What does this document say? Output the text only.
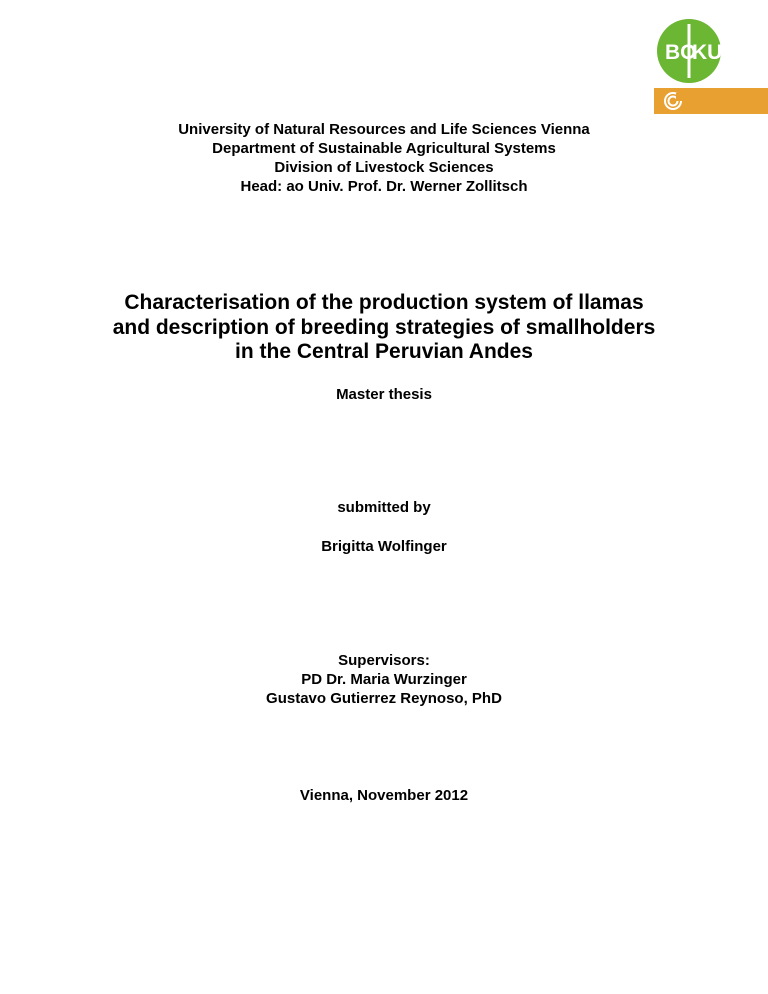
BO
KU
University of Natural Resources and Life Sciences Vienna
Department of Sustainable Agricultural Systems
Division of Livestock Sciences
Head: ao Univ. Prof. Dr. Werner Zollitsch
Characterisation of the production system of llamas
and description of breeding strategies of smallholders
in the Central Peruvian Andes
Master thesis
submitted by
Brigitta Wolfinger
Supervisors:
PD Dr. Maria Wurzinger
Gustavo Gutierrez Reynoso, PhD
Vienna, November 2012
